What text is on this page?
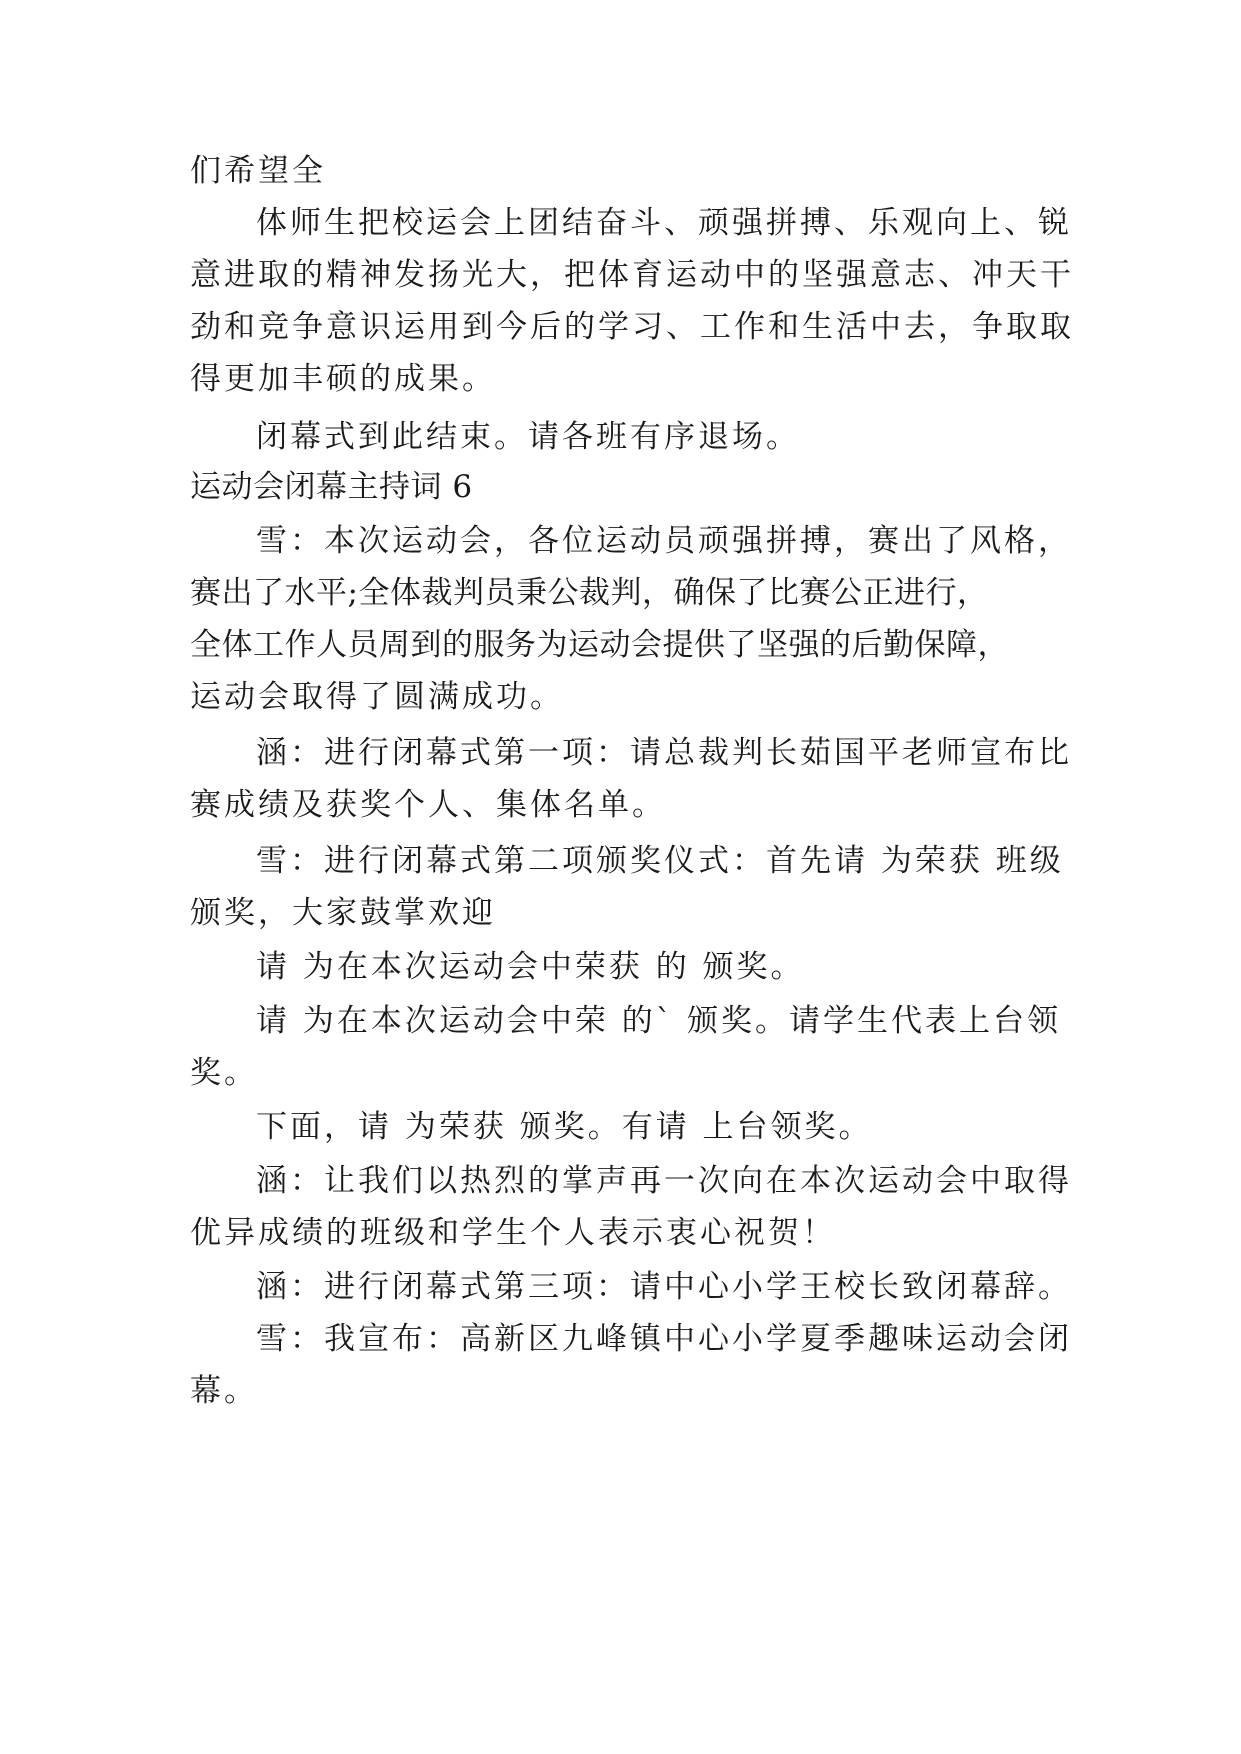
们希望全

体师生把校运会上团结奋斗、顽强拼搏、乐观向上、锐

意进取的精神发扬光大，把体育运动中的坚强意志、冲天干

劲和竞争意识运用到今后的学习、工作和生活中去，争取取

得更加丰硕的成果。

闭幕式到此结束。请各班有序退场。

运动会闭幕主持词 6

雪：本次运动会，各位运动员顽强拼搏，赛出了风格，

赛出了水平;全体裁判员秉公裁判，确保了比赛公正进行，

全体工作人员周到的服务为运动会提供了坚强的后勤保障，

运动会取得了圆满成功。

涵：进行闭幕式第一项：请总裁判长茹国平老师宣布比

赛成绩及获奖个人、集体名单。

雪：进行闭幕式第二项颁奖仪式：首先请 为荣获 班级

颁奖，大家鼓掌欢迎

请 为在本次运动会中荣获 的 颁奖。

请 为在本次运动会中荣 的` 颁奖。请学生代表上台领

奖。

下面，请 为荣获 颁奖。有请 上台领奖。

涵：让我们以热烈的掌声再一次向在本次运动会中取得

优异成绩的班级和学生个人表示衷心祝贺！

涵：进行闭幕式第三项：请中心小学王校长致闭幕辞。

雪：我宣布：高新区九峰镇中心小学夏季趣味运动会闭

幕。
